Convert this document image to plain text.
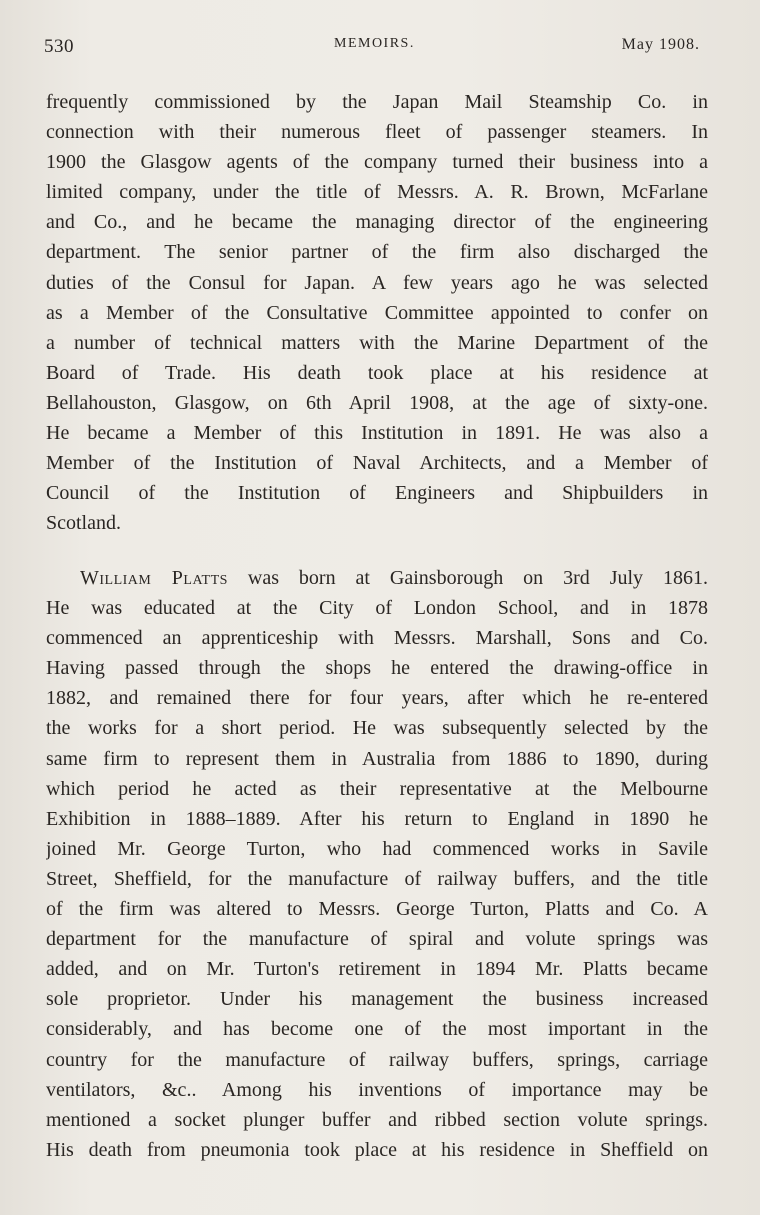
530	MEMOIRS.	May 1908.
frequently commissioned by the Japan Mail Steamship Co. in
connection with their numerous fleet of passenger steamers. In
1900 the Glasgow agents of the company turned their business into a
limited company, under the title of Messrs. A. R. Brown, McFarlane
and Co., and he became the managing director of the engineering
department. The senior partner of the firm also discharged the
duties of the Consul for Japan. A few years ago he was selected
as a Member of the Consultative Committee appointed to confer on
a number of technical matters with the Marine Department of the
Board of Trade. His death took place at his residence at
Bellahouston, Glasgow, on 6th April 1908, at the age of sixty-one.
He became a Member of this Institution in 1891. He was also a
Member of the Institution of Naval Architects, and a Member of
Council of the Institution of Engineers and Shipbuilders in
Scotland.
William Platts was born at Gainsborough on 3rd July 1861.
He was educated at the City of London School, and in 1878
commenced an apprenticeship with Messrs. Marshall, Sons and Co.
Having passed through the shops he entered the drawing-office in
1882, and remained there for four years, after which he re-entered
the works for a short period. He was subsequently selected by the
same firm to represent them in Australia from 1886 to 1890, during
which period he acted as their representative at the Melbourne
Exhibition in 1888–1889. After his return to England in 1890 he
joined Mr. George Turton, who had commenced works in Savile
Street, Sheffield, for the manufacture of railway buffers, and the title
of the firm was altered to Messrs. George Turton, Platts and Co. A
department for the manufacture of spiral and volute springs was
added, and on Mr. Turton's retirement in 1894 Mr. Platts became
sole proprietor. Under his management the business increased
considerably, and has become one of the most important in the
country for the manufacture of railway buffers, springs, carriage
ventilators, &c.. Among his inventions of importance may be
mentioned a socket plunger buffer and ribbed section volute springs.
His death from pneumonia took place at his residence in Sheffield on
